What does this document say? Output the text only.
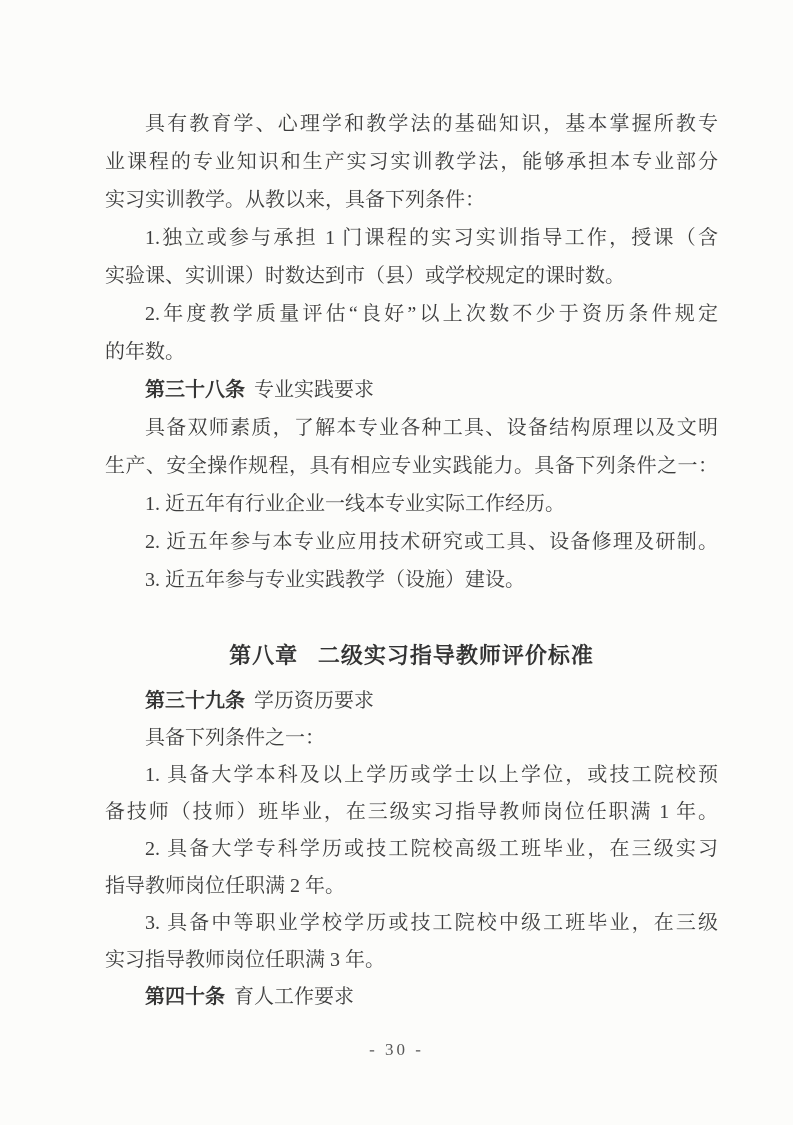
具有教育学、心理学和教学法的基础知识，基本掌握所教专
业课程的专业知识和生产实习实训教学法，能够承担本专业部分
实习实训教学。从教以来，具备下列条件：
1.独立或参与承担 1 门课程的实习实训指导工作，授课（含
实验课、实训课）时数达到市（县）或学校规定的课时数。
2.年度教学质量评估“良好”以上次数不少于资历条件规定
的年数。
第三十八条 专业实践要求
具备双师素质，了解本专业各种工具、设备结构原理以及文明
生产、安全操作规程，具有相应专业实践能力。具备下列条件之一：
1. 近五年有行业企业一线本专业实际工作经历。
2. 近五年参与本专业应用技术研究或工具、设备修理及研制。
3. 近五年参与专业实践教学（设施）建设。
第八章 二级实习指导教师评价标准
第三十九条 学历资历要求
具备下列条件之一：
1. 具备大学本科及以上学历或学士以上学位，或技工院校预
备技师（技师）班毕业，在三级实习指导教师岗位任职满 1 年。
2. 具备大学专科学历或技工院校高级工班毕业，在三级实习
指导教师岗位任职满 2 年。
3. 具备中等职业学校学历或技工院校中级工班毕业，在三级
实习指导教师岗位任职满 3 年。
第四十条 育人工作要求
- 30 -
